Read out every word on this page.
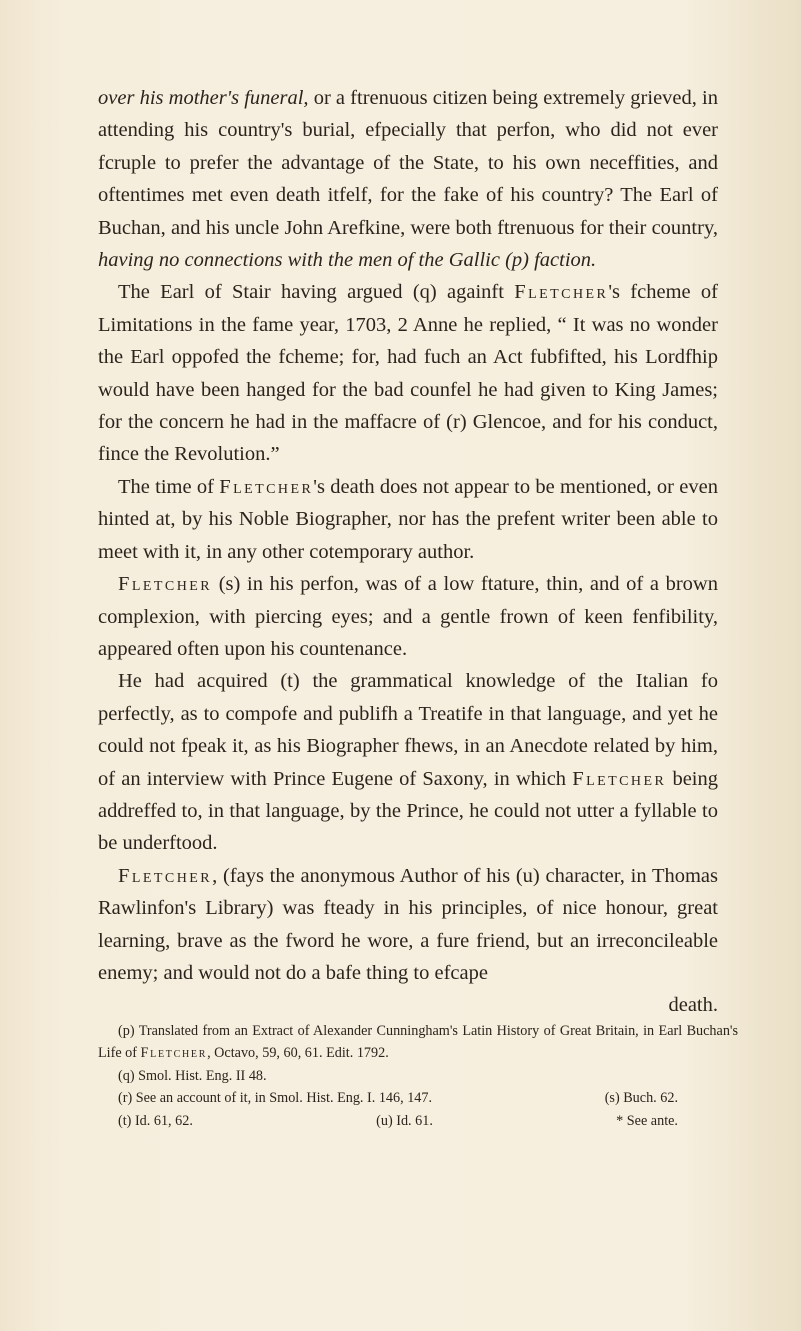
over his mother's funeral, or a ftrenuous citizen being extremely grieved, in attending his country's burial, efpecially that perfon, who did not ever fcruple to prefer the advantage of the State, to his own neceffities, and oftentimes met even death itfelf, for the fake of his country? The Earl of Buchan, and his uncle John Arefkine, were both ftrenuous for their country, having no connections with the men of the Gallic (p) faction.

The Earl of Stair having argued (q) againft Fletcher's fcheme of Limitations in the fame year, 1703, 2 Anne he replied, “ It was no wonder the Earl oppofed the fcheme; for, had fuch an Act fubfifted, his Lordfhip would have been hanged for the bad counfel he had given to King James; for the concern he had in the maffacre of (r) Glencoe, and for his conduct, fince the Revolution.”

The time of Fletcher's death does not appear to be mentioned, or even hinted at, by his Noble Biographer, nor has the prefent writer been able to meet with it, in any other cotemporary author.

Fletcher (s) in his perfon, was of a low ftature, thin, and of a brown complexion, with piercing eyes; and a gentle frown of keen fenfibility, appeared often upon his countenance.

He had acquired (t) the grammatical knowledge of the Italian fo perfectly, as to compofe and publifh a Treatife in that language, and yet he could not fpeak it, as his Biographer fhews, in an Anecdote related by him, of an interview with Prince Eugene of Saxony, in which Fletcher being addreffed to, in that language, by the Prince, he could not utter a fyllable to be underftood.

Fletcher, (fays the anonymous Author of his (u) character, in Thomas Rawlinfon's Library) was fteady in his principles, of nice honour, great learning, brave as the fword he wore, a fure friend, but an irreconcileable enemy; and would not do a bafe thing to efcape

death.

(p) Translated from an Extract of Alexander Cunningham's Latin History of Great Britain, in Earl Buchan's Life of Fletcher, Octavo, 59, 60, 61. Edit. 1792.

(q) Smol. Hist. Eng. II 48.

(r) See an account of it, in Smol. Hist. Eng. I. 146, 147.	(s) Buch. 62.
(t) Id. 61, 62.	(u) Id. 61.	* See ante.
